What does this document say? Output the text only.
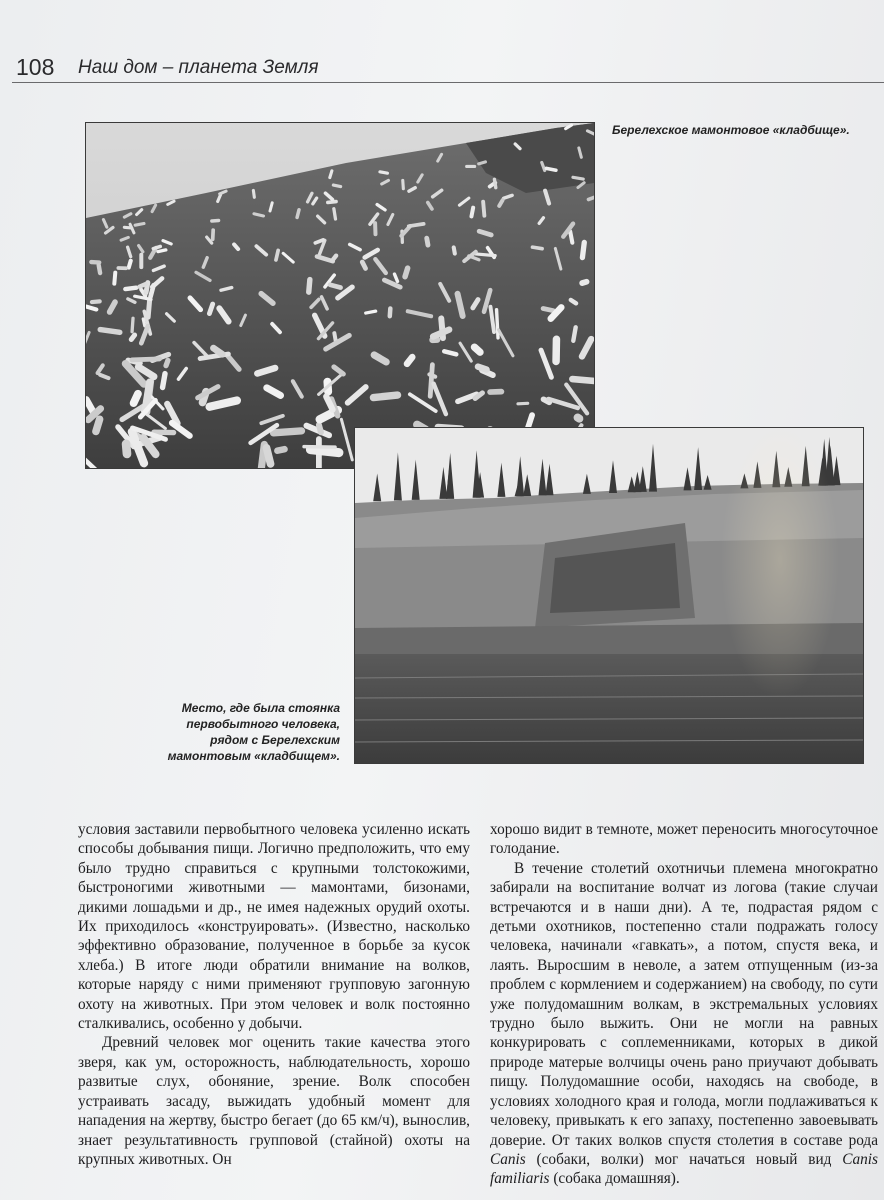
108 Наш дом – планета Земля
Берелехское мамонтовое «кладбище».
Место, где была стоянка первобытного человека, рядом с Берелехским мамонтовым «кладбищем».

условия заставили первобытного человека усиленно искать способы добывания пищи. Логично предположить, что ему было трудно справиться с крупными толстокожими, быстроногими животными — мамонтами, бизонами, дикими лошадьми и др., не имея надежных орудий охоты. Их приходилось «конструировать». (Известно, насколько эффективно образование, полученное в борьбе за кусок хлеба.) В итоге люди обратили внимание на волков, которые наряду с ними применяют групповую загонную охоту на животных. При этом человек и волк постоянно сталкивались, особенно у добычи.

Древний человек мог оценить такие качества этого зверя, как ум, осторожность, наблюдательность, хорошо развитые слух, обоняние, зрение. Волк способен устраивать засаду, выжидать удобный момент для нападения на жертву, быстро бегает (до 65 км/ч), вынослив, знает результативность групповой (стайной) охоты на крупных животных. Он

хорошо видит в темноте, может переносить многосуточное голодание.

В течение столетий охотничьи племена многократно забирали на воспитание волчат из логова (такие случаи встречаются и в наши дни). А те, подрастая рядом с детьми охотников, постепенно стали подражать голосу человека, начинали «гавкать», а потом, спустя века, и лаять. Выросшим в неволе, а затем отпущенным (из-за проблем с кормлением и содержанием) на свободу, по сути уже полудомашним волкам, в экстремальных условиях трудно было выжить. Они не могли на равных конкурировать с соплеменниками, которых в дикой природе матерые волчицы очень рано приучают добывать пищу. Полудомашние особи, находясь на свободе, в условиях холодного края и голода, могли подлаживаться к человеку, привыкать к его запаху, постепенно завоевывать доверие. От таких волков спустя столетия в составе рода Canis (собаки, волки) мог начаться новый вид Canis familiaris (собака домашняя).
